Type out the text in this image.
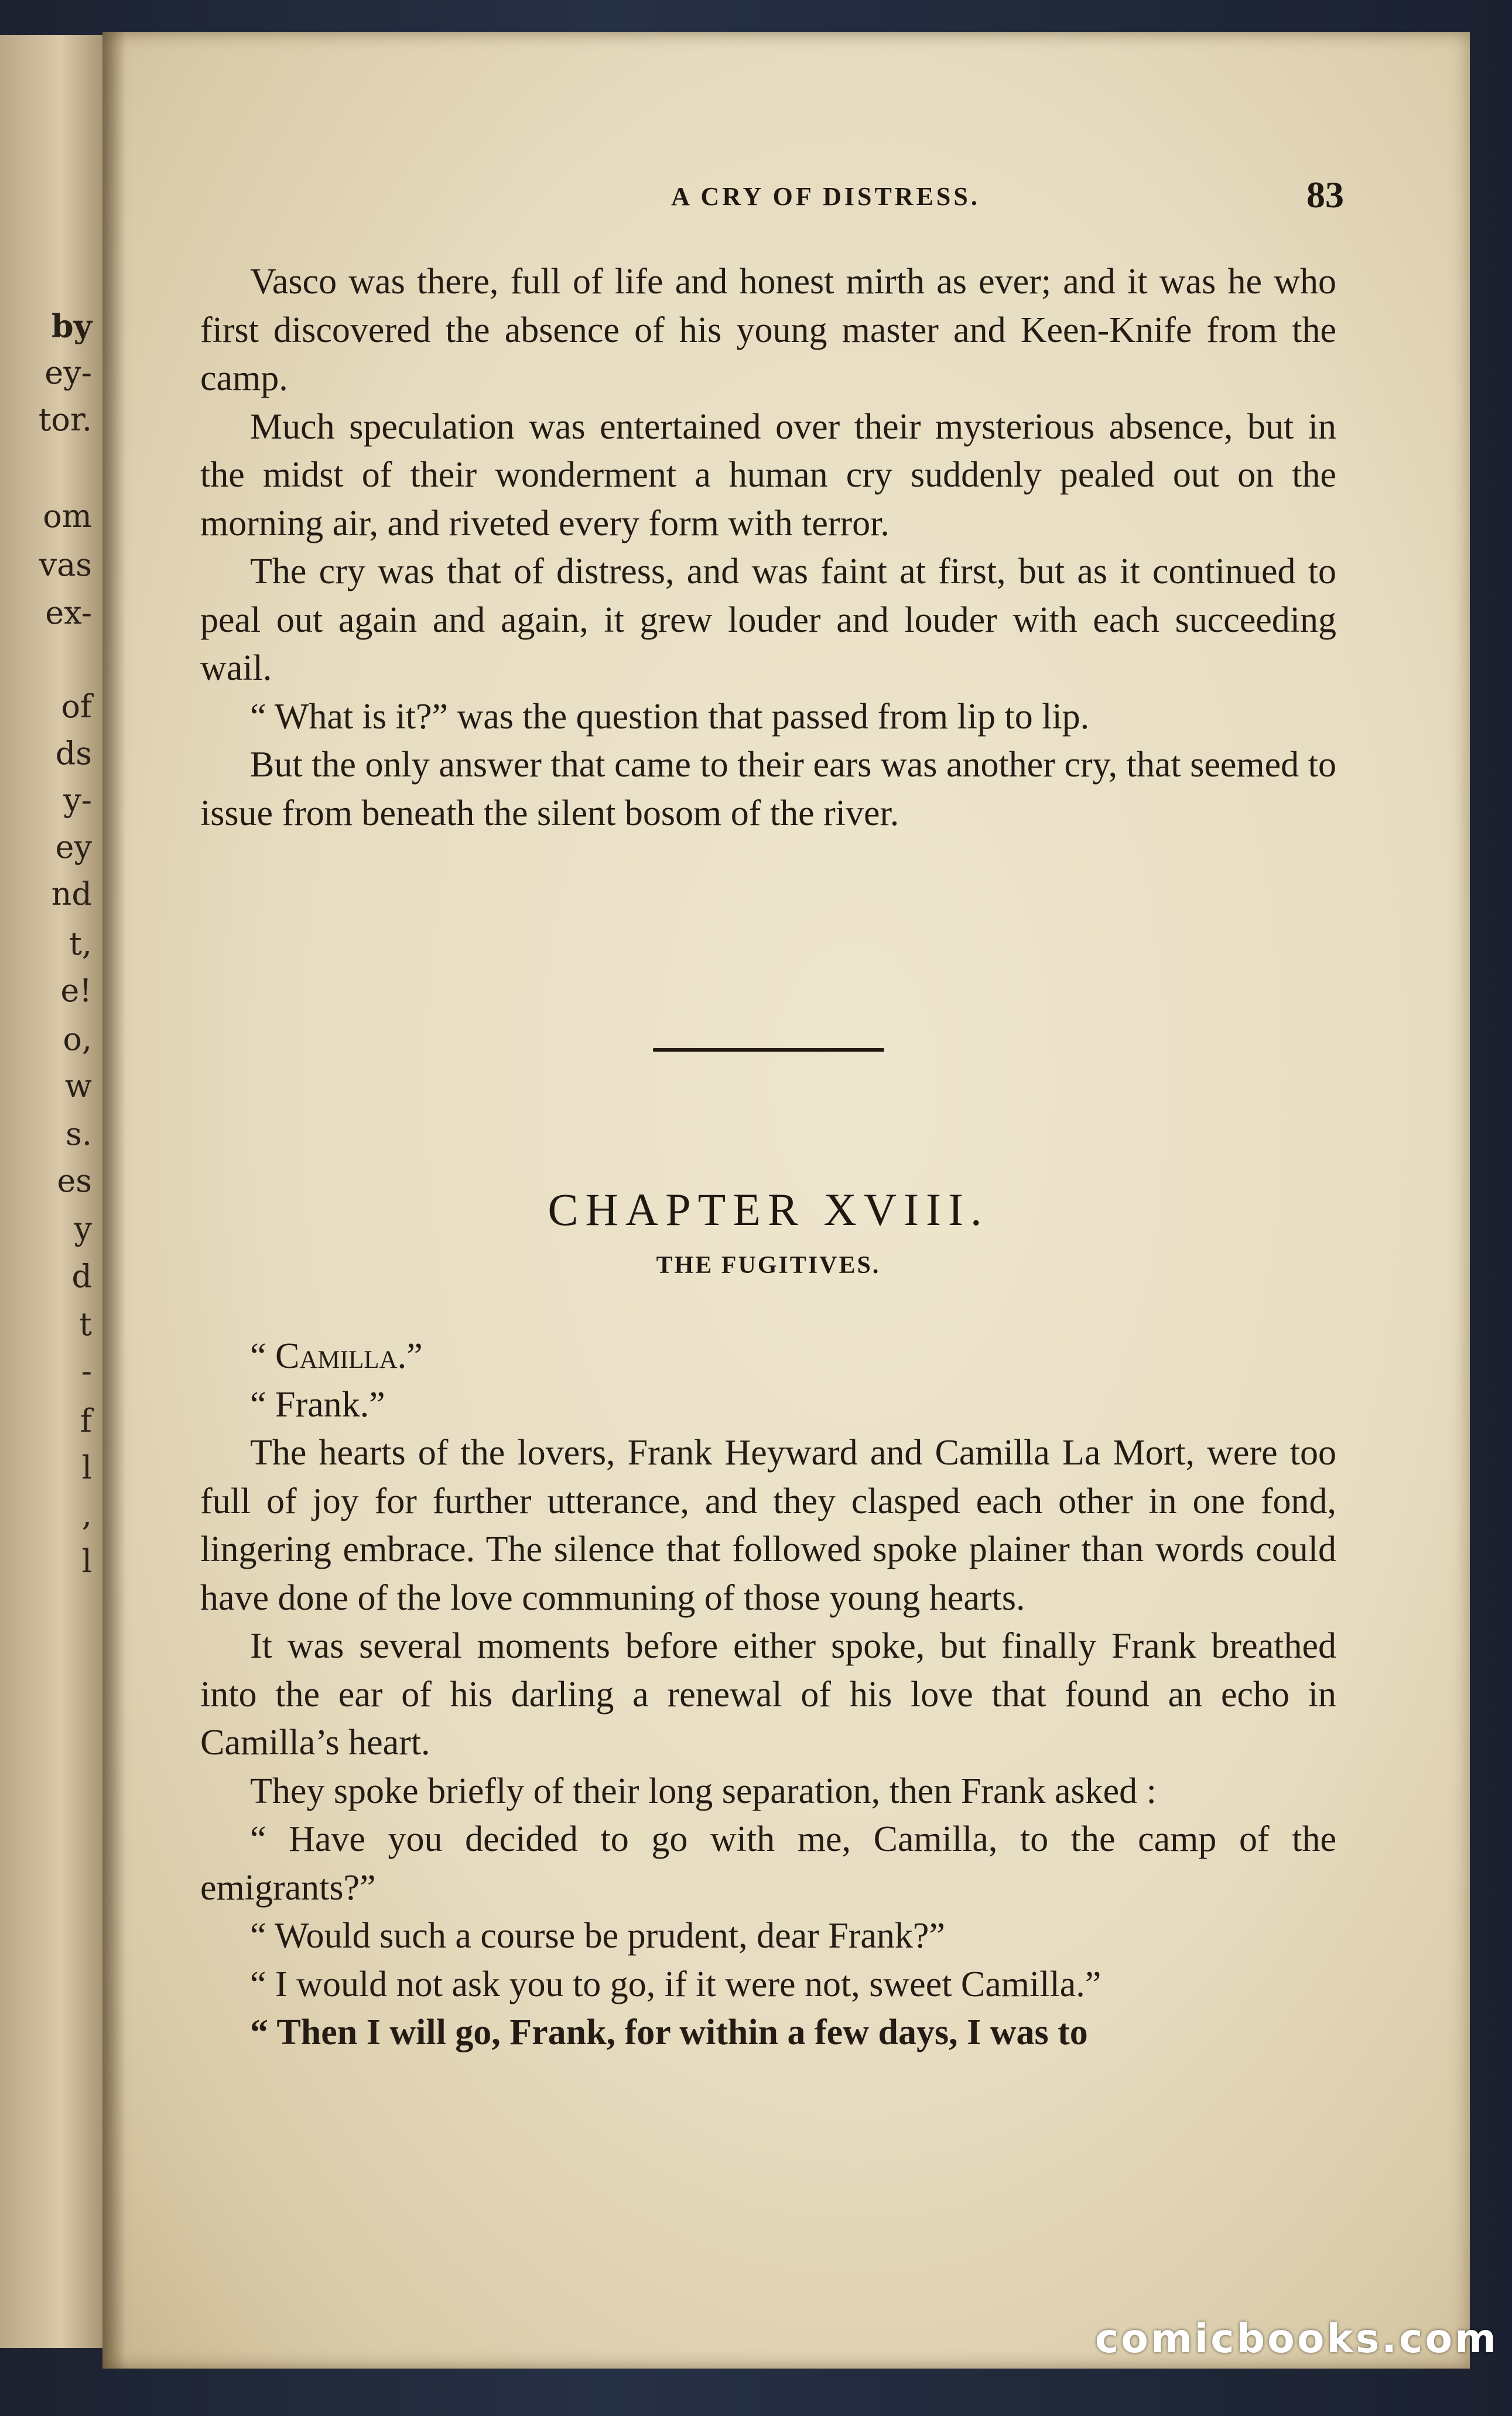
by
ey-
tor.
om
vas
ex-
of
ds
y-
ey
nd
t,
e!
o,
w
s.
es
y
d
t
-
f
l
,
l
A CRY OF DISTRESS.	83

Vasco was there, full of life and honest mirth as ever; and it was he who first discovered the absence of his young master and Keen-Knife from the camp.

Much speculation was entertained over their mysterious absence, but in the midst of their wonderment a human cry suddenly pealed out on the morning air, and riveted every form with terror.

The cry was that of distress, and was faint at first, but as it continued to peal out again and again, it grew louder and louder with each succeeding wail.

“ What is it?” was the question that passed from lip to lip.

But the only answer that came to their ears was another cry, that seemed to issue from beneath the silent bosom of the river.

CHAPTER XVIII.
THE FUGITIVES.

“ Camilla.”

“ Frank.”

The hearts of the lovers, Frank Heyward and Camilla La Mort, were too full of joy for further utterance, and they clasped each other in one fond, lingering embrace. The silence that followed spoke plainer than words could have done of the love communing of those young hearts.

It was several moments before either spoke, but finally Frank breathed into the ear of his darling a renewal of his love that found an echo in Camilla’s heart.

They spoke briefly of their long separation, then Frank asked :

“ Have you decided to go with me, Camilla, to the camp of the emigrants?”

“ Would such a course be prudent, dear Frank?”

“ I would not ask you to go, if it were not, sweet Camilla.”

“ Then I will go, Frank, for within a few days, I was to

comicbooks.com
